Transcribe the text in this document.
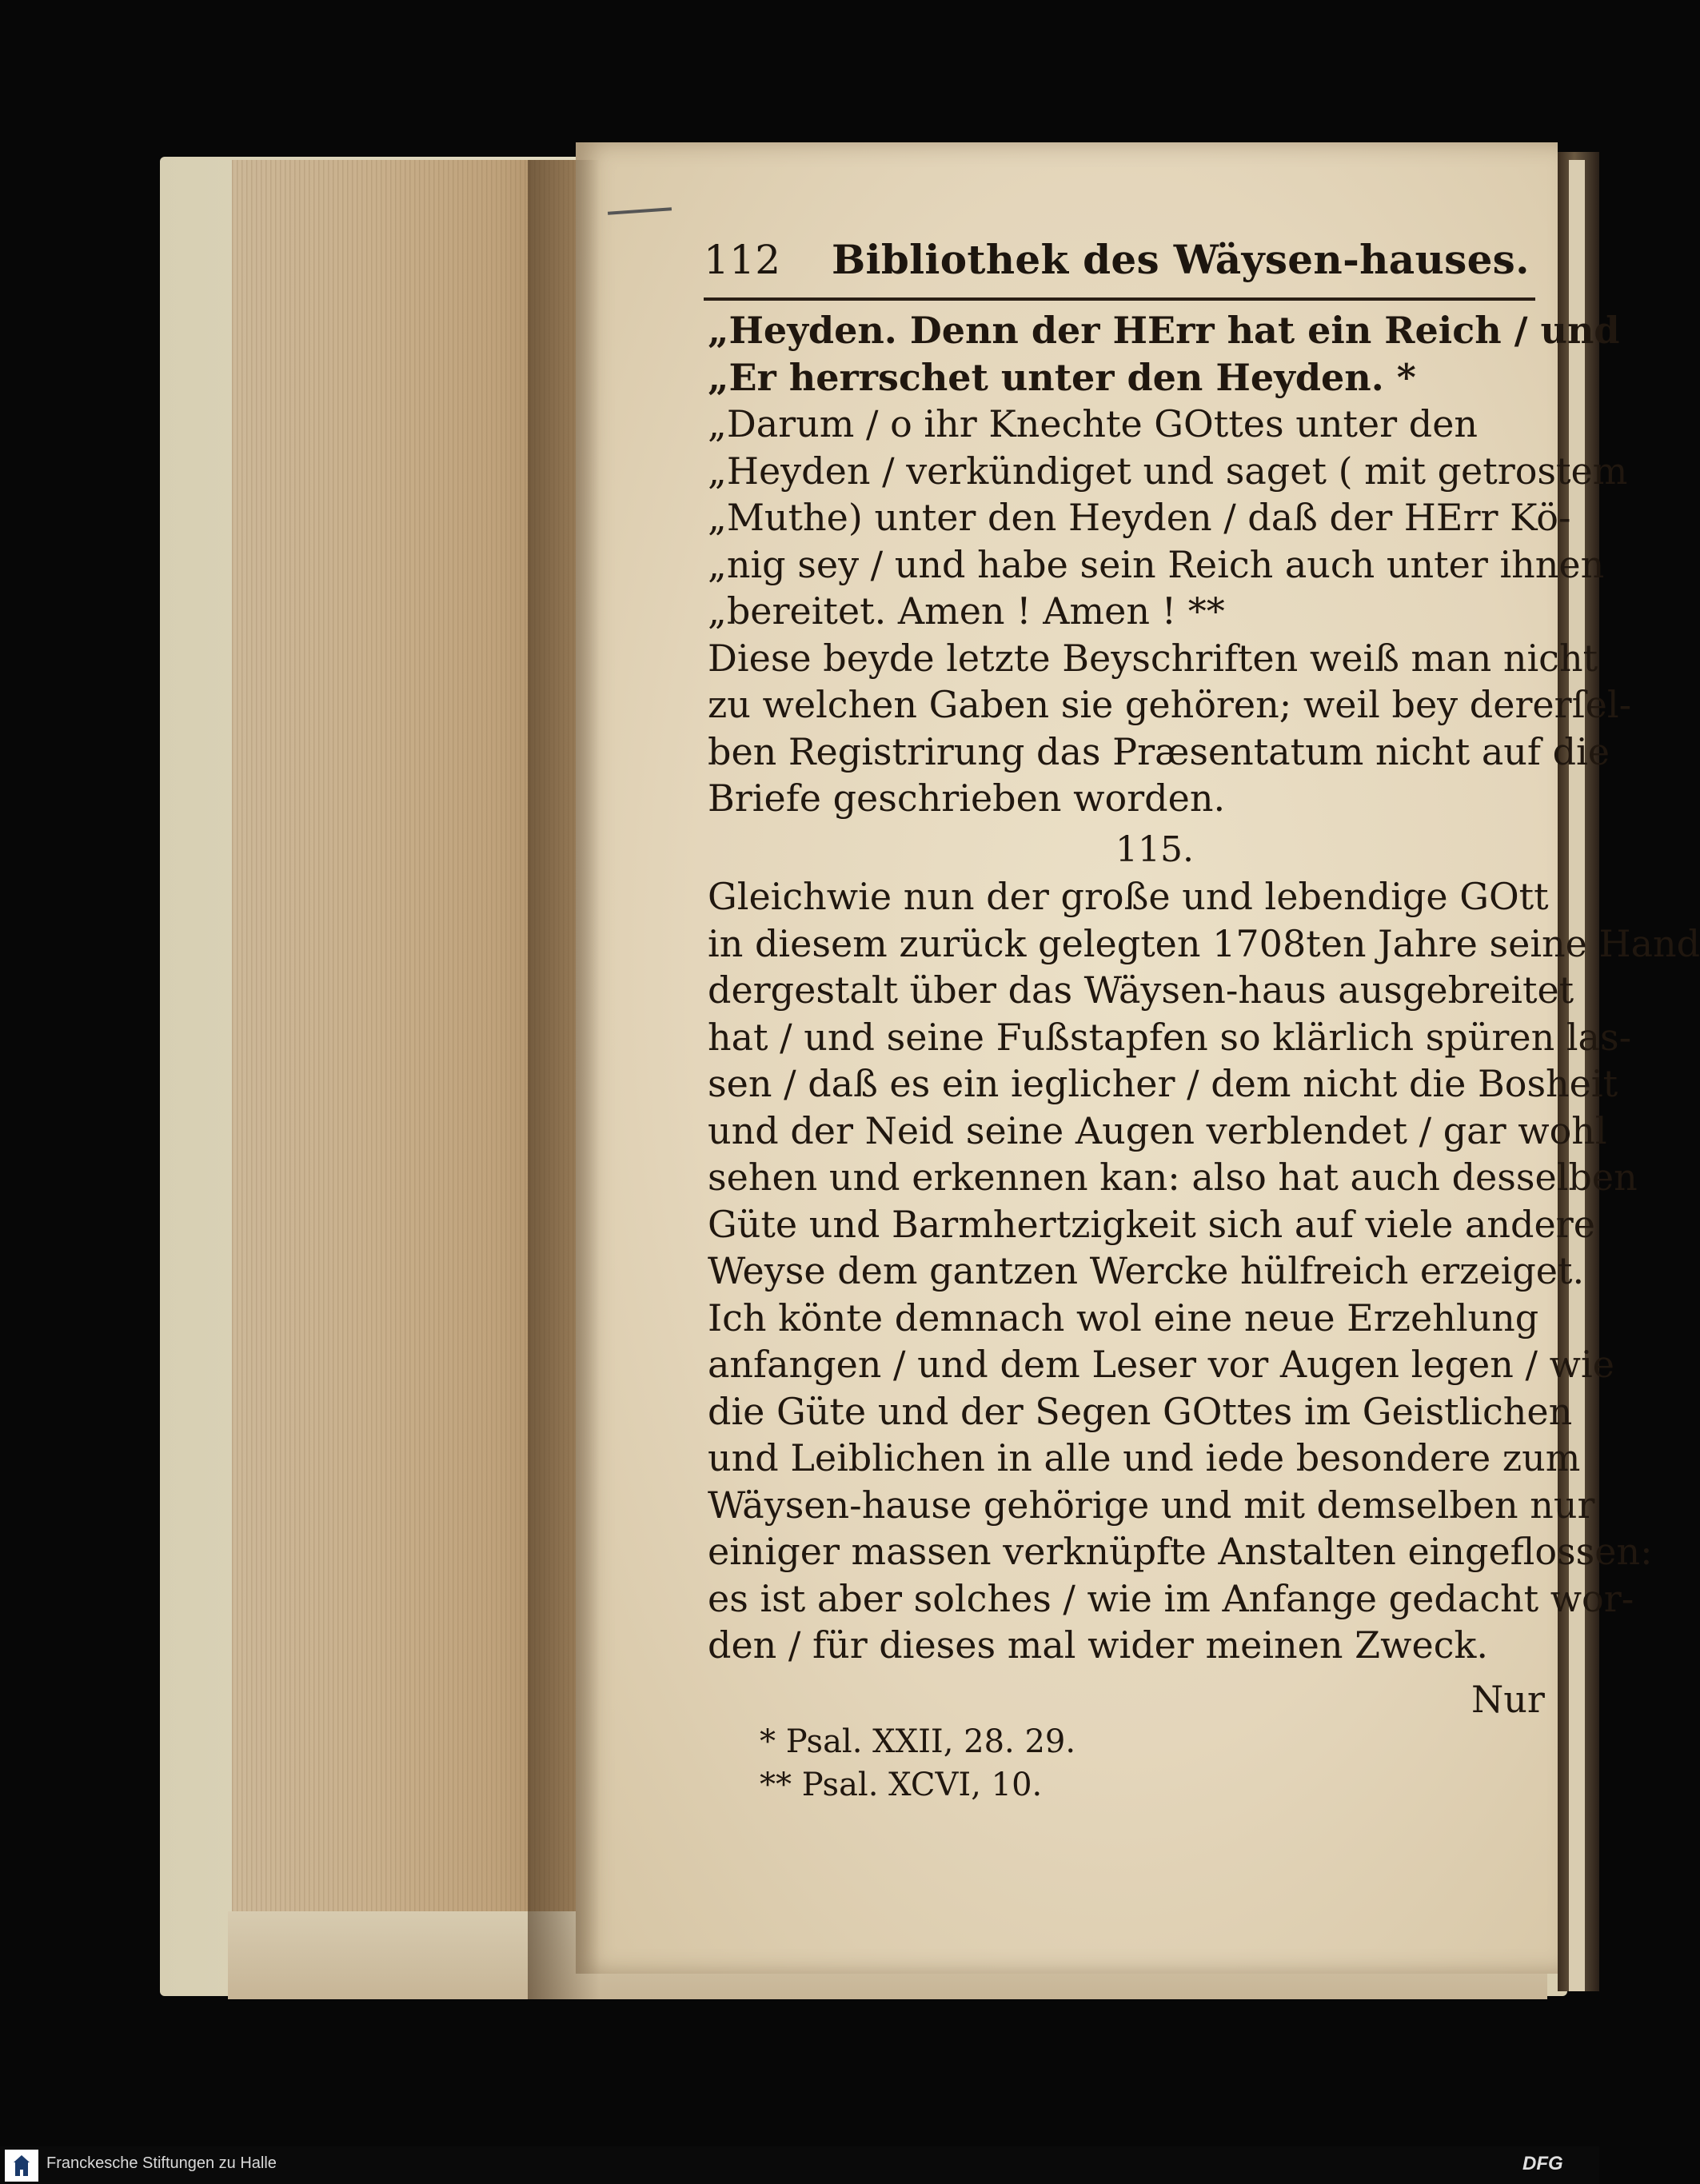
112 Bibliothek des Wäysen-hauses.
„Heyden. Denn der HErr hat ein Reich / und
„Er herrschet unter den Heyden. *
„Darum / o ihr Knechte GOttes unter den
„Heyden / verkündiget und saget ( mit getrostem
„Muthe) unter den Heyden / daß der HErr Kö-
„nig sey / und habe sein Reich auch unter ihnen
„bereitet. Amen ! Amen ! **
Diese beyde letzte Beyschriften weiß man nicht
zu welchen Gaben sie gehören; weil bey dererſel-
ben Registrirung das Præsentatum nicht auf die
Briefe geschrieben worden.
115.
Gleichwie nun der große und lebendige GOtt
in diesem zurück gelegten 1708ten Jahre seine Hand
dergestalt über das Wäysen-haus ausgebreitet
hat / und seine Fußstapfen so klärlich spüren las-
sen / daß es ein ieglicher / dem nicht die Bosheit
und der Neid seine Augen verblendet / gar wohl
sehen und erkennen kan: also hat auch desselben
Güte und Barmhertzigkeit sich auf viele andere
Weyse dem gantzen Wercke hülfreich erzeiget.
Ich könte demnach wol eine neue Erzehlung
anfangen / und dem Leser vor Augen legen / wie
die Güte und der Segen GOttes im Geistlichen
und Leiblichen in alle und iede besondere zum
Wäysen-hause gehörige und mit demselben nur
einiger massen verknüpfte Anstalten eingeflossen:
es ist aber solches / wie im Anfange gedacht wor-
den / für dieses mal wider meinen Zweck.
Nur
* Psal. XXII, 28. 29.
** Psal. XCVI, 10.
Franckesche Stiftungen zu Halle	DFG
